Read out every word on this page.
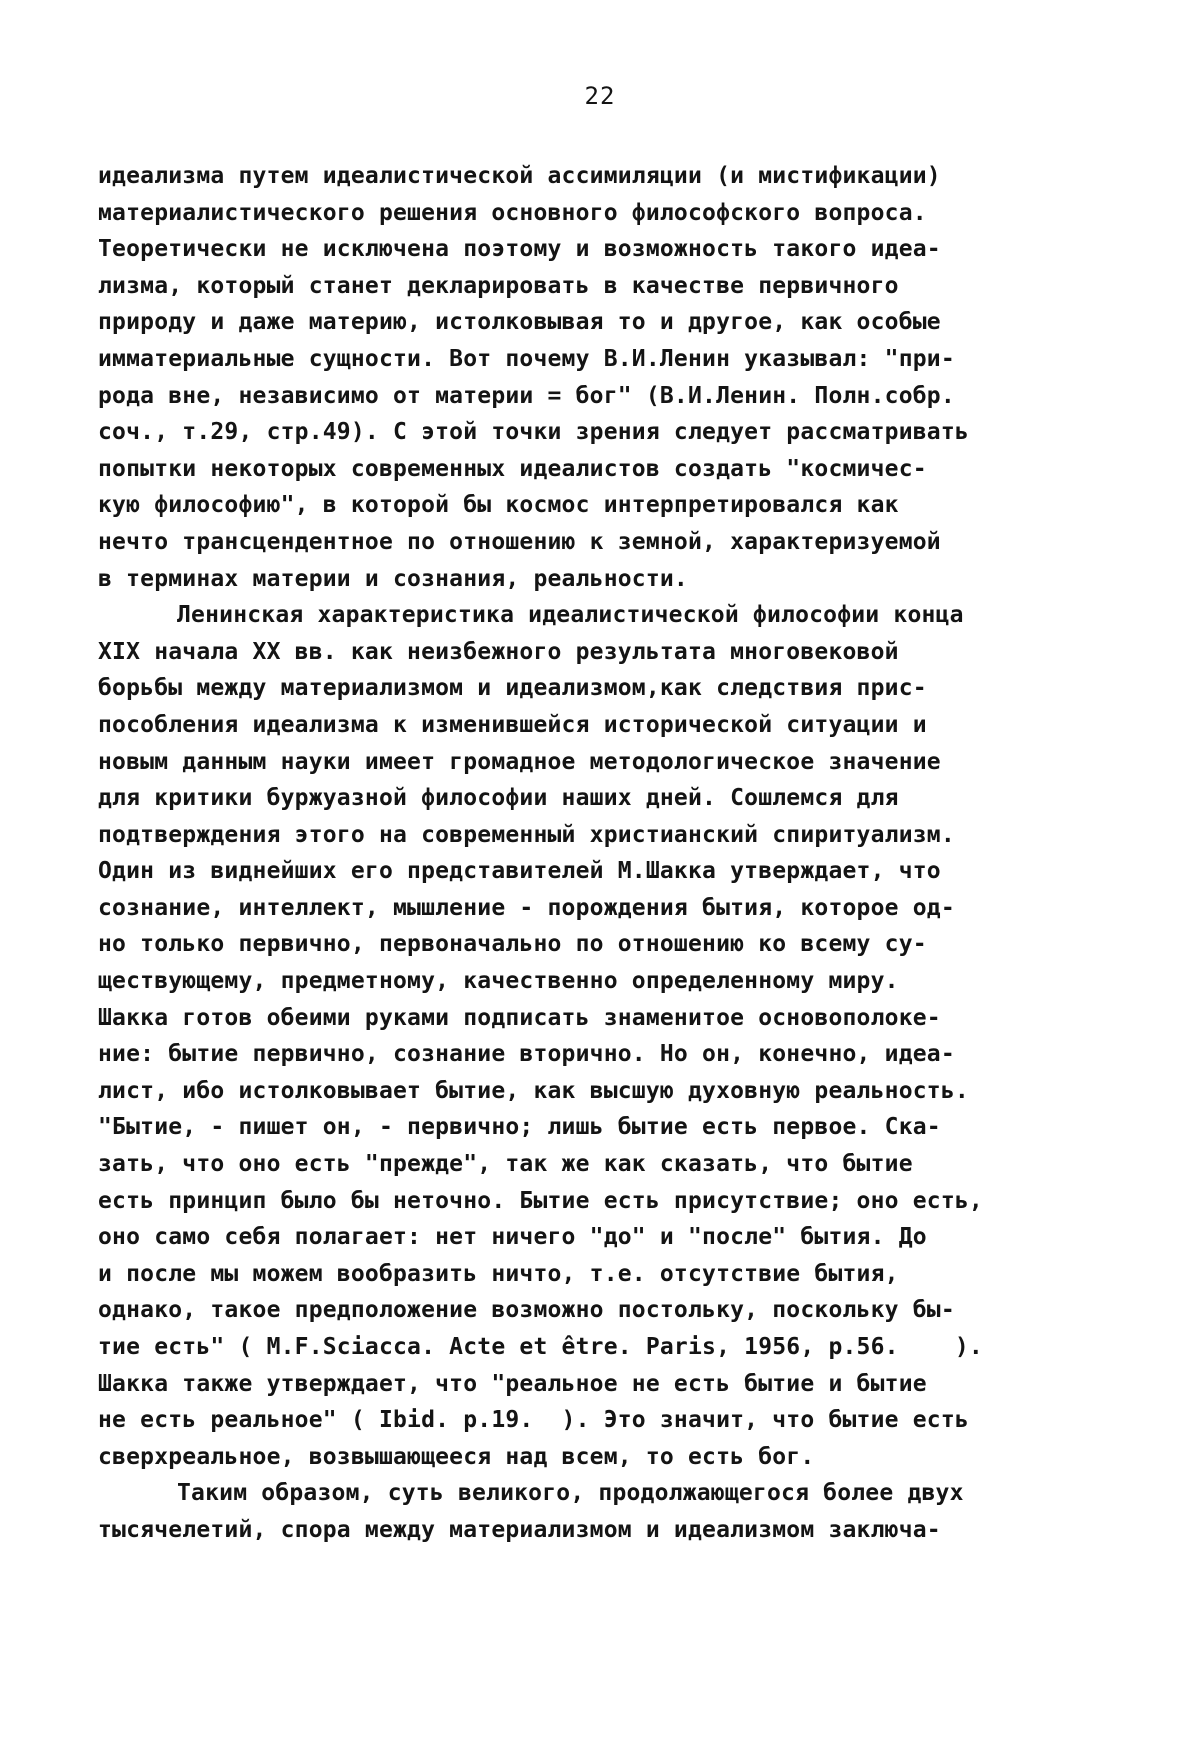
22
идеализма путем идеалистической ассимиляции (и мистификации)
материалистического решения основного философского вопроса.
Теоретически не исключена поэтому и возможность такого идеа-
лизма, который станет декларировать в качестве первичного
природу и даже материю, истолковывая то и другое, как особые
имматериальные сущности. Вот почему В.И.Ленин указывал: "при-
рода вне, независимо от материи = бог" (В.И.Ленин. Полн.собр.
соч., т.29, стр.49). С этой точки зрения следует рассматривать
попытки некоторых современных идеалистов создать "космичес-
кую философию", в которой бы космос интерпретировался как
нечто трансцендентное по отношению к земной, характеризуемой
в терминах материи и сознания, реальности.
Ленинская характеристика идеалистической философии конца
XIX начала XX вв. как неизбежного результата многовековой
борьбы между материализмом и идеализмом,как следствия прис-
пособления идеализма к изменившейся исторической ситуации и
новым данным науки имеет громадное методологическое значение
для критики буржуазной философии наших дней. Сошлемся для
подтверждения этого на современный христианский спиритуализм.
Один из виднейших его представителей М.Шакка утверждает, что
сознание, интеллект, мышление - порождения бытия, которое од-
но только первично, первоначально по отношению ко всему су-
ществующему, предметному, качественно определенному миру.
Шакка готов обеими руками подписать знаменитое основополоке-
ние: бытие первично, сознание вторично. Но он, конечно, идеа-
лист, ибо истолковывает бытие, как высшую духовную реальность.
"Бытие, - пишет он, - первично; лишь бытие есть первое. Ска-
зать, что оно есть "прежде", так же как сказать, что бытие
есть принцип было бы неточно. Бытие есть присутствие; оно есть,
оно само себя полагает: нет ничего "до" и "после" бытия. До
и после мы можем вообразить ничто, т.е. отсутствие бытия,
однако, такое предположение возможно постольку, поскольку бы-
тие есть" ( M.F.Sciacca. Acte et être. Paris, 1956, p.56.    ).
Шакка также утверждает, что "реальное не есть бытие и бытие
не есть реальное" ( Ibid. p.19.  ). Это значит, что бытие есть
сверхреальное, возвышающееся над всем, то есть бог.
Таким образом, суть великого, продолжающегося более двух
тысячелетий, спора между материализмом и идеализмом заключа-
